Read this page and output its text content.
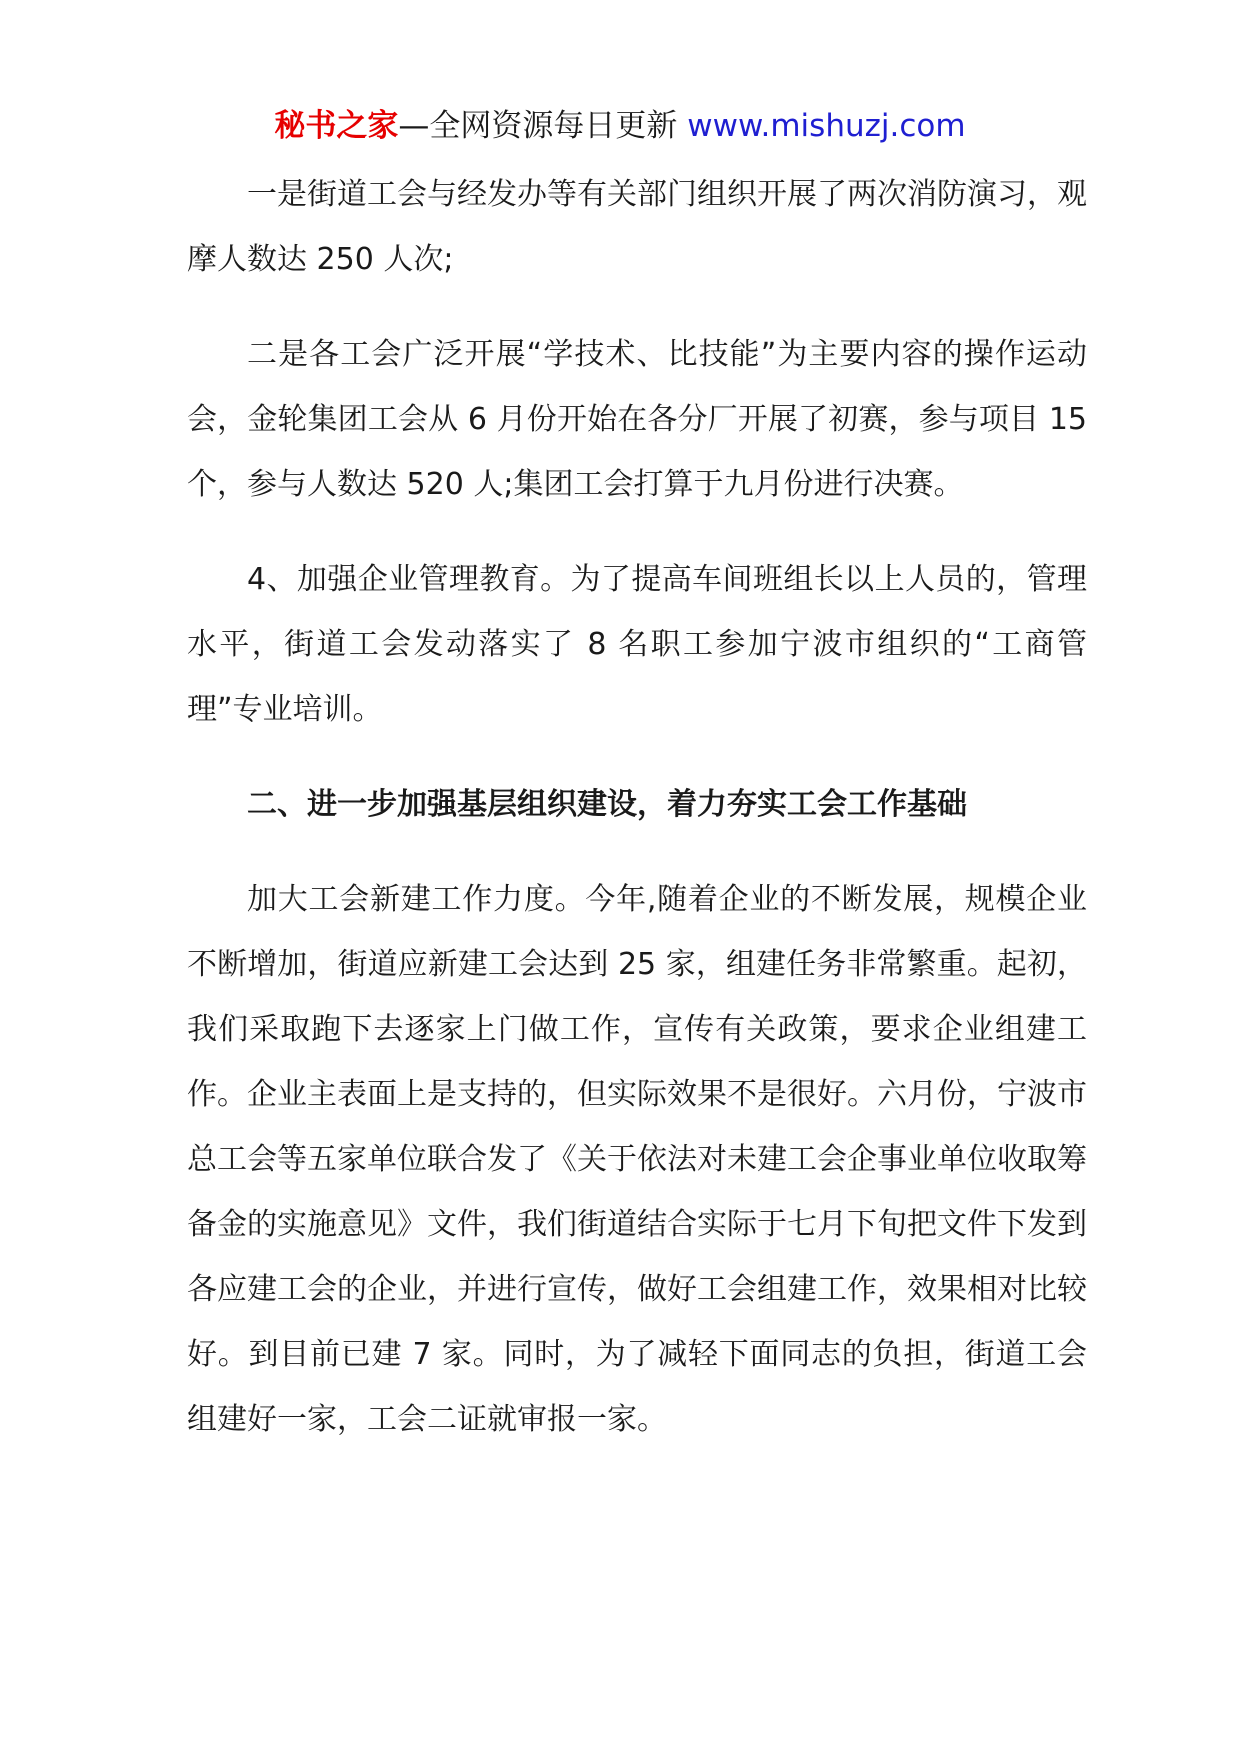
秘书之家—全网资源每日更新 www.mishuzj.com

一是街道工会与经发办等有关部门组织开展了两次消防演习，观摩人数达 250 人次;

二是各工会广泛开展“学技术、比技能”为主要内容的操作运动会，金轮集团工会从 6 月份开始在各分厂开展了初赛，参与项目 15 个，参与人数达 520 人;集团工会打算于九月份进行决赛。

4、加强企业管理教育。为了提高车间班组长以上人员的，管理水平，街道工会发动落实了 8 名职工参加宁波市组织的“工商管理”专业培训。

二、进一步加强基层组织建设，着力夯实工会工作基础

加大工会新建工作力度。今年,随着企业的不断发展，规模企业不断增加，街道应新建工会达到 25 家，组建任务非常繁重。起初，我们采取跑下去逐家上门做工作，宣传有关政策，要求企业组建工作。企业主表面上是支持的，但实际效果不是很好。六月份，宁波市总工会等五家单位联合发了《关于依法对未建工会企事业单位收取筹备金的实施意见》文件，我们街道结合实际于七月下旬把文件下发到各应建工会的企业，并进行宣传，做好工会组建工作，效果相对比较好。到目前已建 7 家。同时，为了减轻下面同志的负担，街道工会组建好一家，工会二证就审报一家。
